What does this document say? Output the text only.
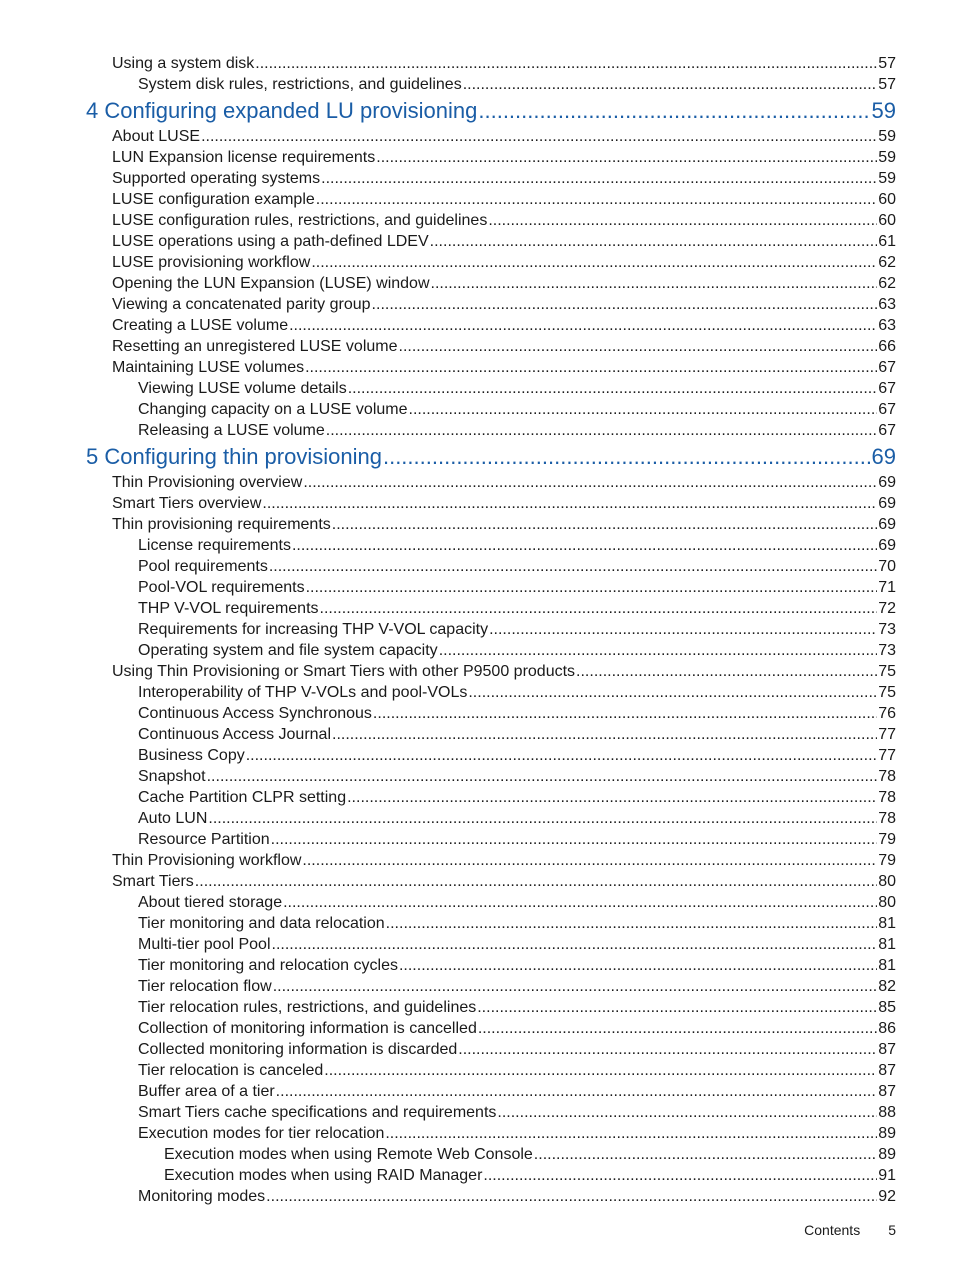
Using a system disk .....	57
System disk rules, restrictions, and guidelines .....	57
4 Configuring expanded LU provisioning .....	59
About LUSE .....	59
LUN Expansion license requirements .....	59
Supported operating systems .....	59
LUSE configuration example .....	60
LUSE configuration rules, restrictions, and guidelines .....	60
LUSE operations using a path-defined LDEV .....	61
LUSE provisioning workflow .....	62
Opening the LUN Expansion (LUSE) window .....	62
Viewing a concatenated parity group .....	63
Creating a LUSE volume .....	63
Resetting an unregistered LUSE volume .....	66
Maintaining LUSE volumes .....	67
Viewing LUSE volume details .....	67
Changing capacity on a LUSE volume .....	67
Releasing a LUSE volume .....	67
5 Configuring thin provisioning .....	69
Thin Provisioning overview .....	69
Smart Tiers overview .....	69
Thin provisioning requirements .....	69
License requirements .....	69
Pool requirements .....	70
Pool-VOL requirements .....	71
THP V-VOL requirements .....	72
Requirements for increasing THP V-VOL capacity .....	73
Operating system and file system capacity .....	73
Using Thin Provisioning or Smart Tiers with other P9500 products .....	75
Interoperability of THP V-VOLs and pool-VOLs .....	75
Continuous Access Synchronous .....	76
Continuous Access Journal .....	77
Business Copy .....	77
Snapshot .....	78
Cache Partition CLPR setting .....	78
Auto LUN .....	78
Resource Partition .....	79
Thin Provisioning workflow .....	79
Smart Tiers .....	80
About tiered storage .....	80
Tier monitoring and data relocation .....	81
Multi-tier pool Pool .....	81
Tier monitoring and relocation cycles .....	81
Tier relocation flow .....	82
Tier relocation rules, restrictions, and guidelines .....	85
Collection of monitoring information is cancelled .....	86
Collected monitoring information is discarded .....	87
Tier relocation is canceled .....	87
Buffer area of a tier .....	87
Smart Tiers cache specifications and requirements .....	88
Execution modes for tier relocation .....	89
Execution modes when using Remote Web Console .....	89
Execution modes when using RAID Manager .....	91
Monitoring modes .....	92
Contents 5
